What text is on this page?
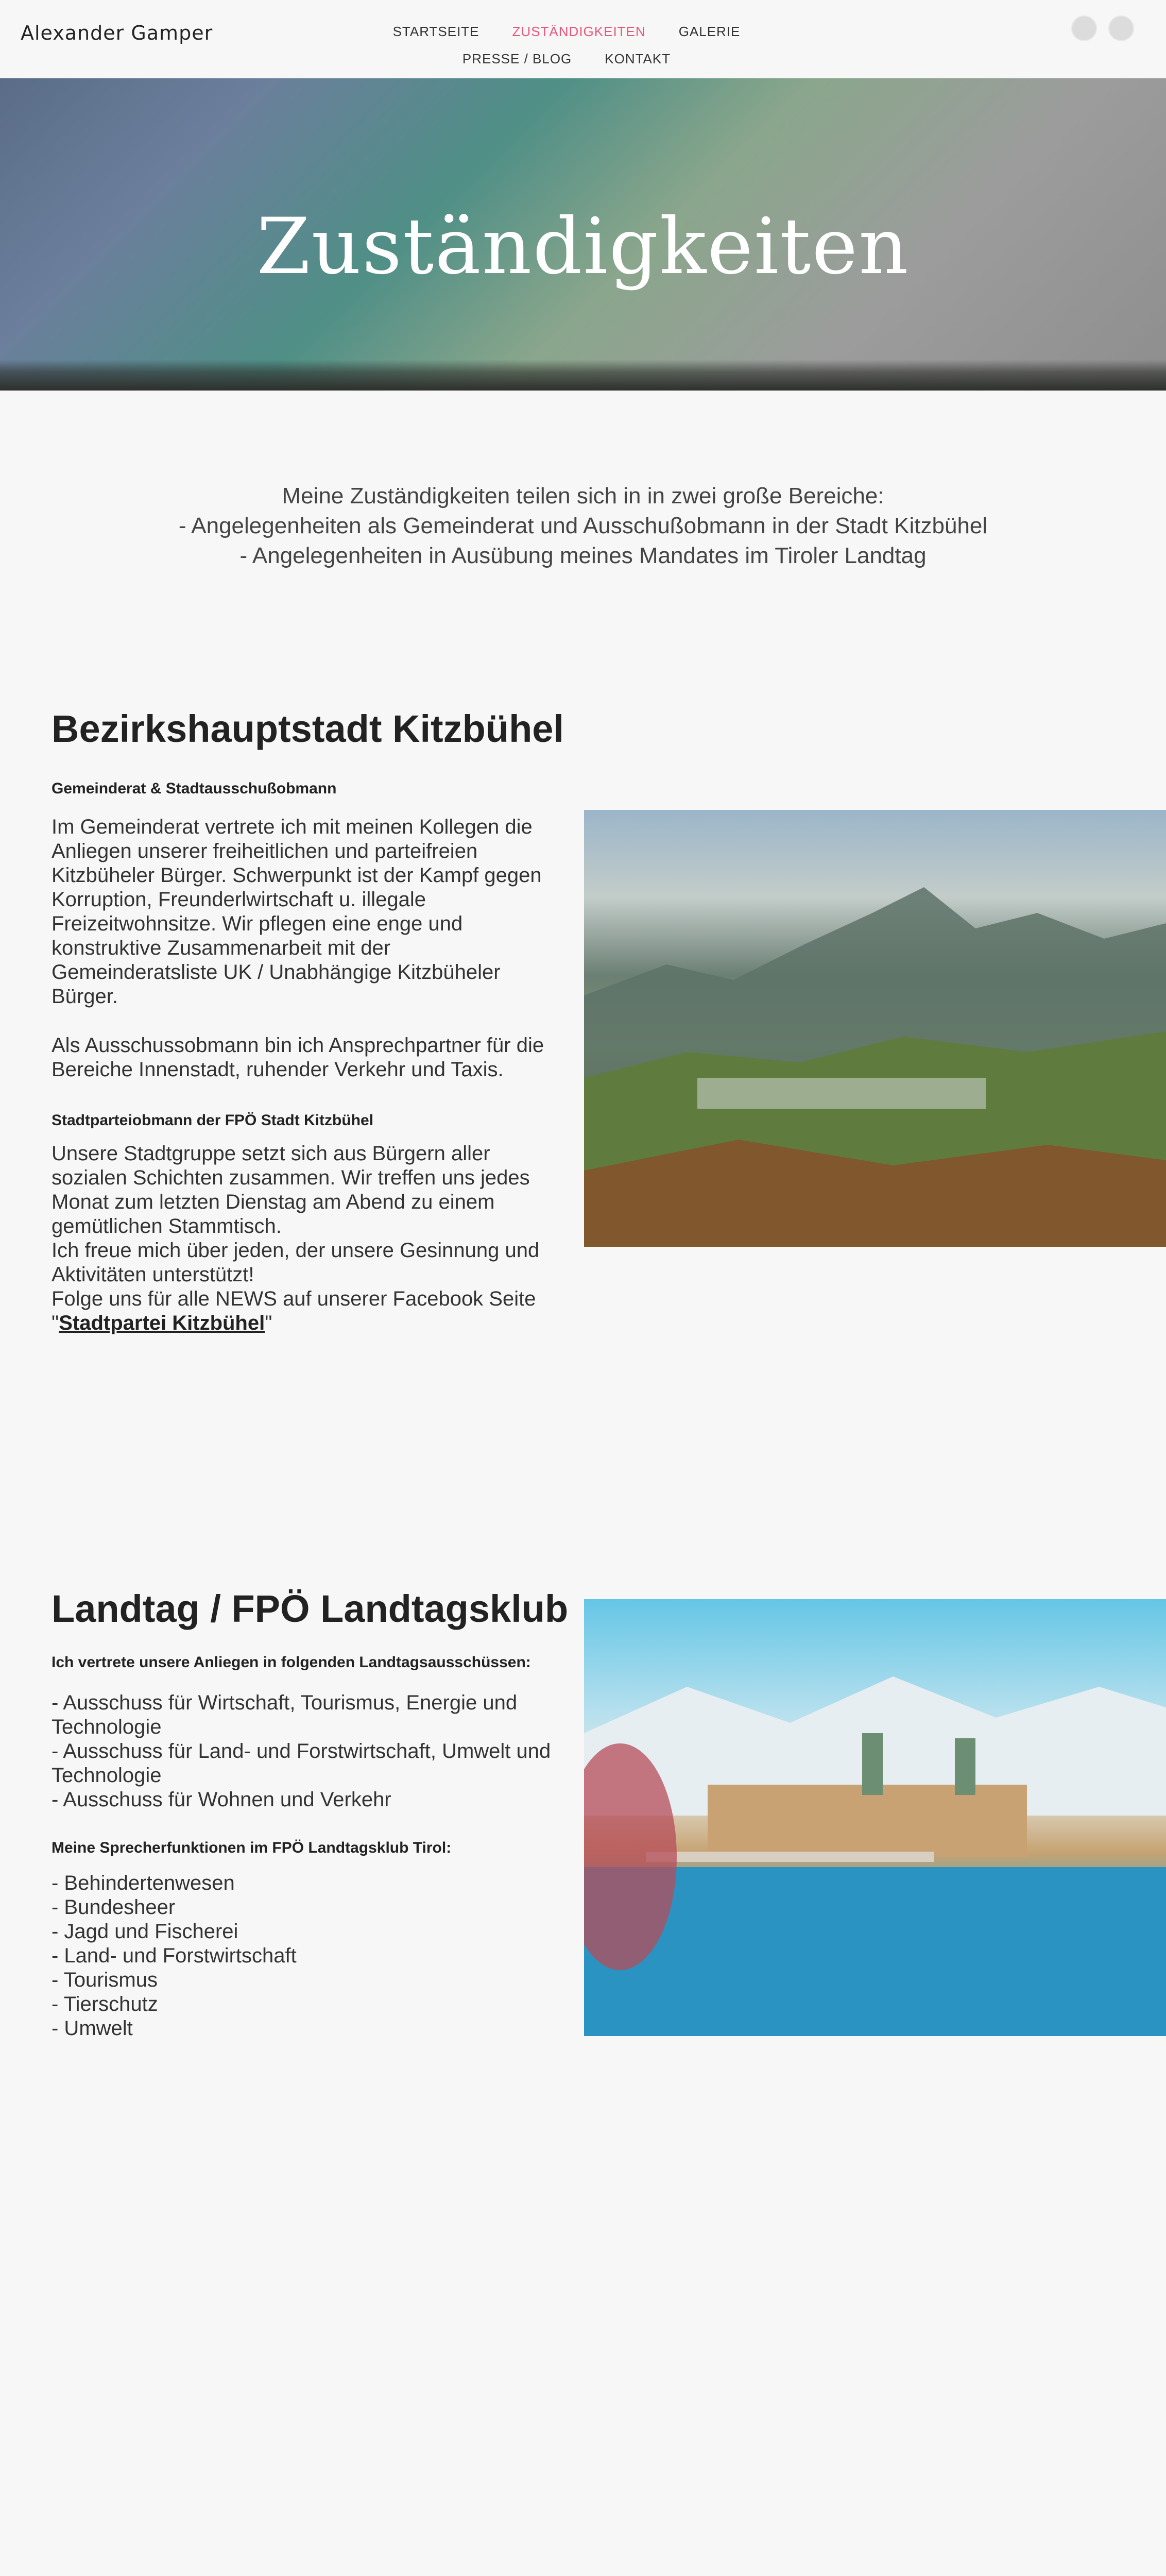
Alexander Gamper	STARTSEITE ZUSTÄNDIGKEITEN GALERIE
PRESSE / BLOG KONTAKT
Zuständigkeiten
Meine Zuständigkeiten teilen sich in in zwei große Bereiche:
- Angelegenheiten als Gemeinderat und Ausschußobmann in der Stadt Kitzbühel
- Angelegenheiten in Ausübung meines Mandates im Tiroler Landtag
Bezirkshauptstadt Kitzbühel
Gemeinderat & Stadtausschußobmann
Im Gemeinderat vertrete ich mit meinen Kollegen die Anliegen unserer freiheitlichen und parteifreien Kitzbüheler Bürger. Schwerpunkt ist der Kampf gegen Korruption, Freunderlwirtschaft u. illegale Freizeitwohnsitze. Wir pflegen eine enge und konstruktive Zusammenarbeit mit der Gemeinderatsliste UK / Unabhängige Kitzbüheler Bürger.
Als Ausschussobmann bin ich Ansprechpartner für die Bereiche Innenstadt, ruhender Verkehr und Taxis.
Stadtparteiobmann der FPÖ Stadt Kitzbühel
Unsere Stadtgruppe setzt sich aus Bürgern aller sozialen Schichten zusammen. Wir treffen uns jedes Monat zum letzten Dienstag am Abend zu einem gemütlichen Stammtisch.
Ich freue mich über jeden, der unsere Gesinnung und Aktivitäten unterstützt!
Folge uns für alle NEWS auf unserer Facebook Seite
"Stadtpartei Kitzbühel"
Landtag / FPÖ Landtagsklub
Ich vertrete unsere Anliegen in folgenden Landtagsausschüssen:
- Ausschuss für Wirtschaft, Tourismus, Energie und Technologie
- Ausschuss für Land- und Forstwirtschaft, Umwelt und Technologie
- Ausschuss für Wohnen und Verkehr
Meine Sprecherfunktionen im FPÖ Landtagsklub Tirol:
- Behindertenwesen
- Bundesheer
- Jagd und Fischerei
- Land- und Forstwirtschaft
- Tourismus
- Tierschutz
- Umwelt
